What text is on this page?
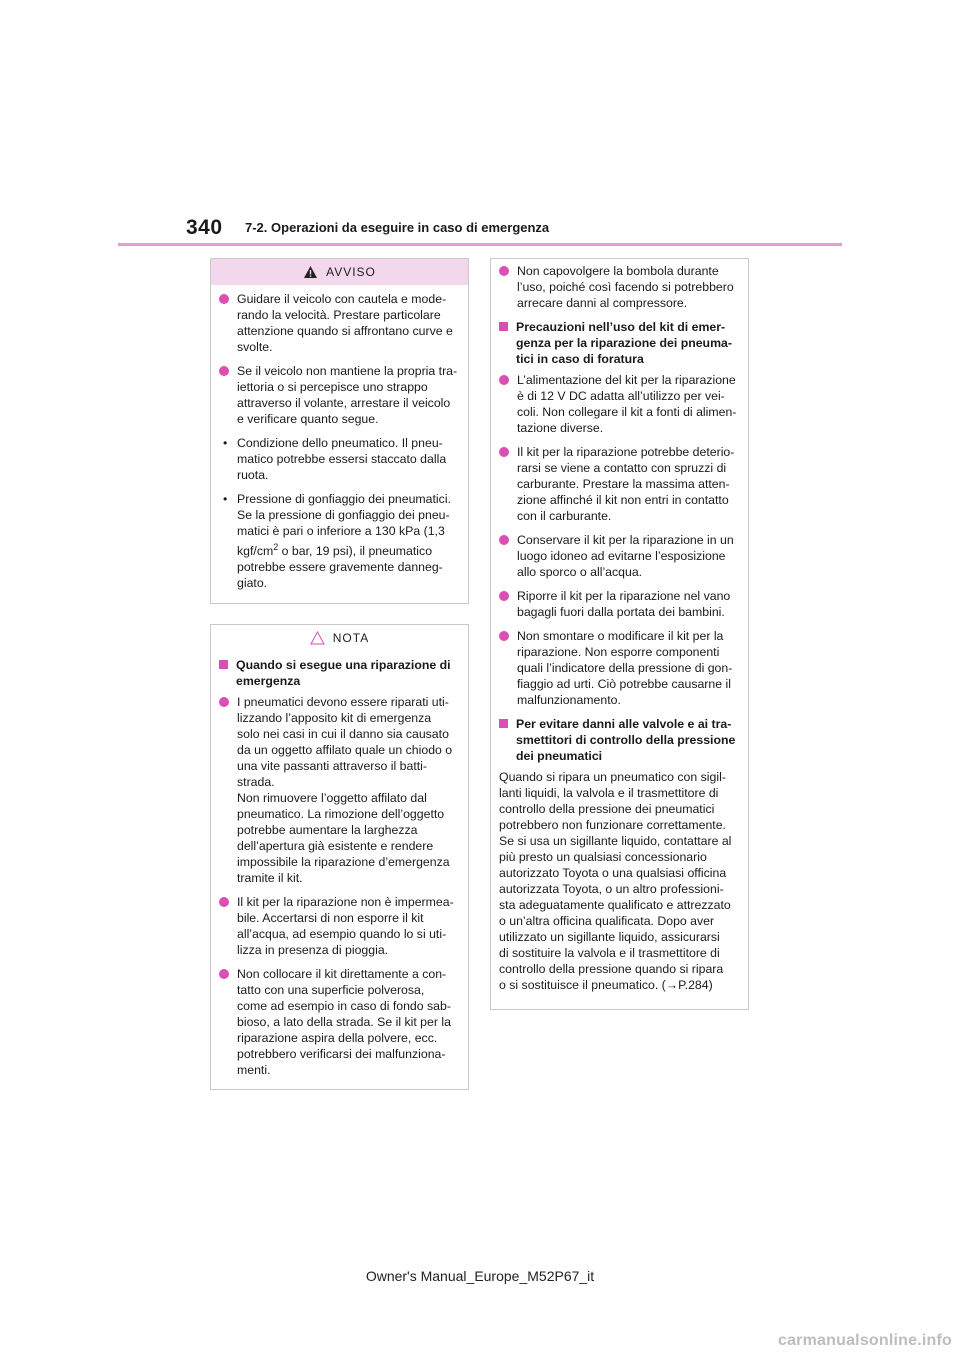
340 7-2. Operazioni da eseguire in caso di emergenza
AVVISO
Guidare il veicolo con cautela e mode-
rando la velocità. Prestare particolare
attenzione quando si affrontano curve e
svolte.
Se il veicolo non mantiene la propria tra-
iettoria o si percepisce uno strappo
attraverso il volante, arrestare il veicolo
e verificare quanto segue.
• Condizione dello pneumatico. Il pneu-
matico potrebbe essersi staccato dalla
ruota.
• Pressione di gonfiaggio dei pneumatici.
Se la pressione di gonfiaggio dei pneu-
matici è pari o inferiore a 130 kPa (1,3
kgf/$cm^2$ o bar, 19 psi), il pneumatico
potrebbe essere gravemente danneg-
giato.
NOTA
Quando si esegue una riparazione di
emergenza
I pneumatici devono essere riparati uti-
lizzando l’apposito kit di emergenza
solo nei casi in cui il danno sia causato
da un oggetto affilato quale un chiodo o
una vite passanti attraverso il batti-
strada.
Non rimuovere l’oggetto affilato dal
pneumatico. La rimozione dell’oggetto
potrebbe aumentare la larghezza
dell’apertura già esistente e rendere
impossibile la riparazione d’emergenza
tramite il kit.
Il kit per la riparazione non è impermea-
bile. Accertarsi di non esporre il kit
all’acqua, ad esempio quando lo si uti-
lizza in presenza di pioggia.
Non collocare il kit direttamente a con-
tatto con una superficie polverosa,
come ad esempio in caso di fondo sab-
bioso, a lato della strada. Se il kit per la
riparazione aspira della polvere, ecc.
potrebbero verificarsi dei malfunziona-
menti.
Non capovolgere la bombola durante
l’uso, poiché così facendo si potrebbero
arrecare danni al compressore.
Precauzioni nell’uso del kit di emer-
genza per la riparazione dei pneuma-
tici in caso di foratura
L’alimentazione del kit per la riparazione
è di 12 V DC adatta all’utilizzo per vei-
coli. Non collegare il kit a fonti di alimen-
tazione diverse.
Il kit per la riparazione potrebbe deterio-
rarsi se viene a contatto con spruzzi di
carburante. Prestare la massima atten-
zione affinché il kit non entri in contatto
con il carburante.
Conservare il kit per la riparazione in un
luogo idoneo ad evitarne l’esposizione
allo sporco o all’acqua.
Riporre il kit per la riparazione nel vano
bagagli fuori dalla portata dei bambini.
Non smontare o modificare il kit per la
riparazione. Non esporre componenti
quali l’indicatore della pressione di gon-
fiaggio ad urti. Ciò potrebbe causarne il
malfunzionamento.
Per evitare danni alle valvole e ai tra-
smettitori di controllo della pressione
dei pneumatici
Quando si ripara un pneumatico con sigil-
lanti liquidi, la valvola e il trasmettitore di
controllo della pressione dei pneumatici
potrebbero non funzionare correttamente.
Se si usa un sigillante liquido, contattare al
più presto un qualsiasi concessionario
autorizzato Toyota o una qualsiasi officina
autorizzata Toyota, o un altro professioni-
sta adeguatamente qualificato e attrezzato
o un’altra officina qualificata. Dopo aver
utilizzato un sigillante liquido, assicurarsi
di sostituire la valvola e il trasmettitore di
controllo della pressione quando si ripara
o si sostituisce il pneumatico. (→P.284)
Owner's Manual_Europe_M52P67_it
carmanualsonline.info
